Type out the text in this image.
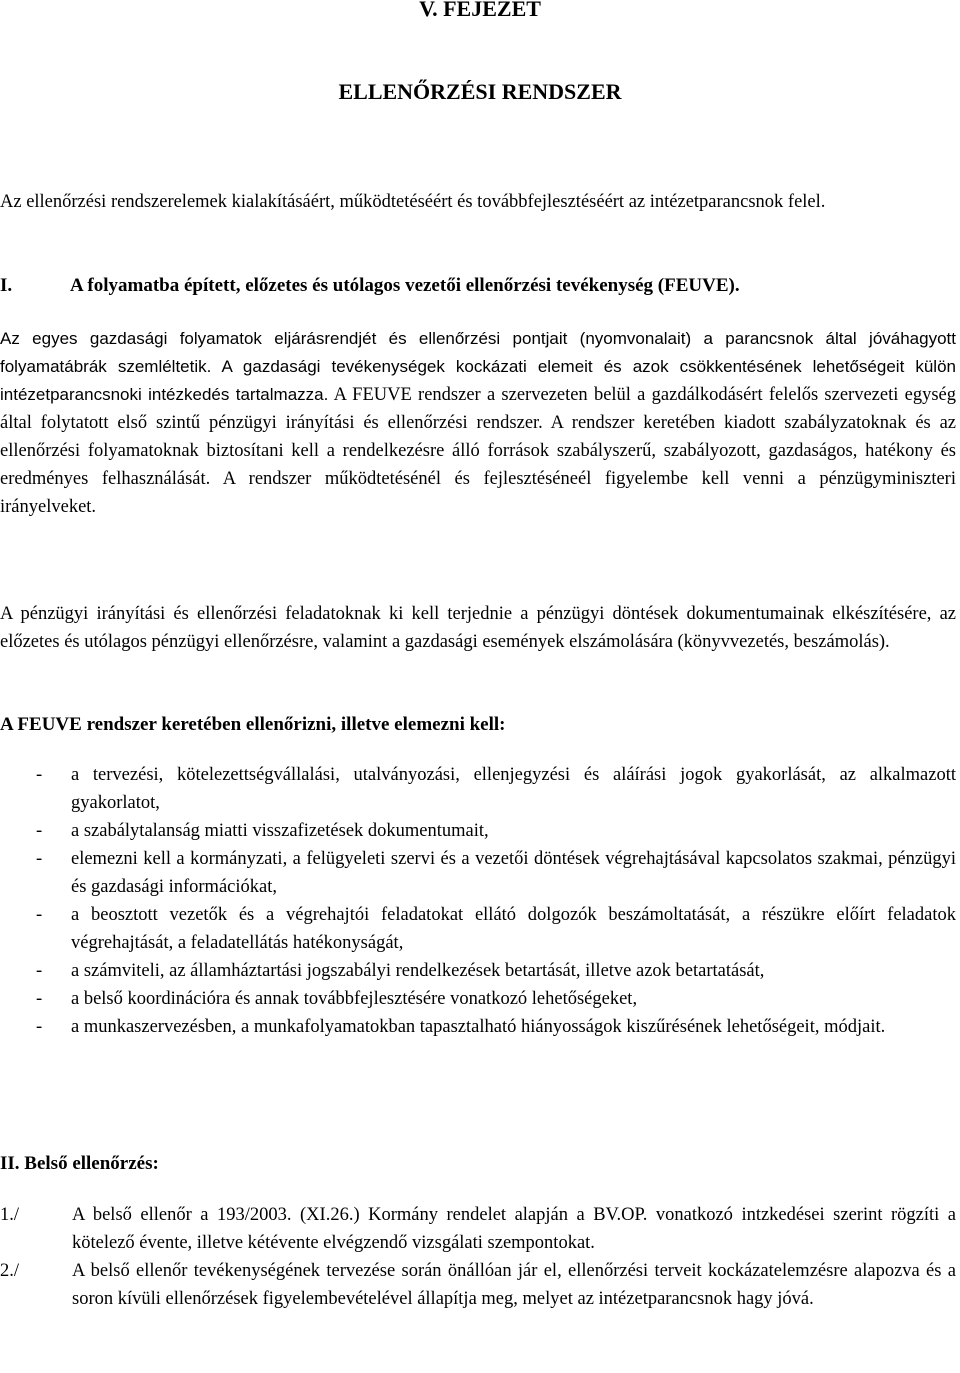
V. FEJEZET
ELLENŐRZÉSI RENDSZER

Az ellenőrzési rendszerelemek kialakításáért, működtetéséért és továbbfejlesztéséért az intézetparancsnok felel.

I.	A folyamatba épített, előzetes és utólagos vezetői ellenőrzési tevékenység (FEUVE).

Az egyes gazdasági folyamatok eljárásrendjét és ellenőrzési pontjait (nyomvonalait) a parancsnok által jóváhagyott folyamatábrák szemléltetik. A gazdasági tevékenységek kockázati elemeit és azok csökkentésének lehetőségeit külön intézetparancsnoki intézkedés tartalmazza. A FEUVE rendszer a szervezeten belül a gazdálkodásért felelős szervezeti egység által folytatott első szintű pénzügyi irányítási és ellenőrzési rendszer. A rendszer keretében kiadott szabályzatoknak és az ellenőrzési folyamatoknak biztosítani kell a rendelkezésre álló források szabályszerű, szabályozott, gazdaságos, hatékony és eredményes felhasználását. A rendszer működtetésénél és fejlesztéséneél figyelembe kell venni a pénzügyminiszteri irányelveket.

A pénzügyi irányítási és ellenőrzési feladatoknak ki kell terjednie a pénzügyi döntések dokumentumainak elkészítésére, az előzetes és utólagos pénzügyi ellenőrzésre, valamint a gazdasági események elszámolására (könyvvezetés, beszámolás).

A FEUVE rendszer keretében ellenőrizni, illetve elemezni kell:

- a tervezési, kötelezettségvállalási, utalványozási, ellenjegyzési és aláírási jogok gyakorlását, az alkalmazott gyakorlatot,
- a szabálytalanság miatti visszafizetések dokumentumait,
- elemezni kell a kormányzati, a felügyeleti szervi és a vezetői döntések végrehajtásával kapcsolatos szakmai, pénzügyi és gazdasági információkat,
- a beosztott vezetők és a végrehajtói feladatokat ellátó dolgozók beszámoltatását, a részükre előírt feladatok végrehajtását, a feladatellátás hatékonyságát,
- a számviteli, az államháztartási jogszabályi rendelkezések betartását, illetve azok betartatását,
- a belső koordinációra és annak továbbfejlesztésére vonatkozó lehetőségeket,
- a munkaszervezésben, a munkafolyamatokban tapasztalható hiányosságok kiszűrésének lehetőségeit, módjait.

II. Belső ellenőrzés:

1./	A belső ellenőr a 193/2003. (XI.26.) Kormány rendelet alapján a BV.OP. vonatkozó intzkedései szerint rögzíti a kötelező évente, illetve kétévente elvégzendő vizsgálati szempontokat.
2./	A belső ellenőr tevékenységének tervezése során önállóan jár el, ellenőrzési terveit kockázatelemzésre alapozva és a soron kívüli ellenőrzések figyelembevételével állapítja meg, melyet az intézetparancsnok hagy jóvá.
